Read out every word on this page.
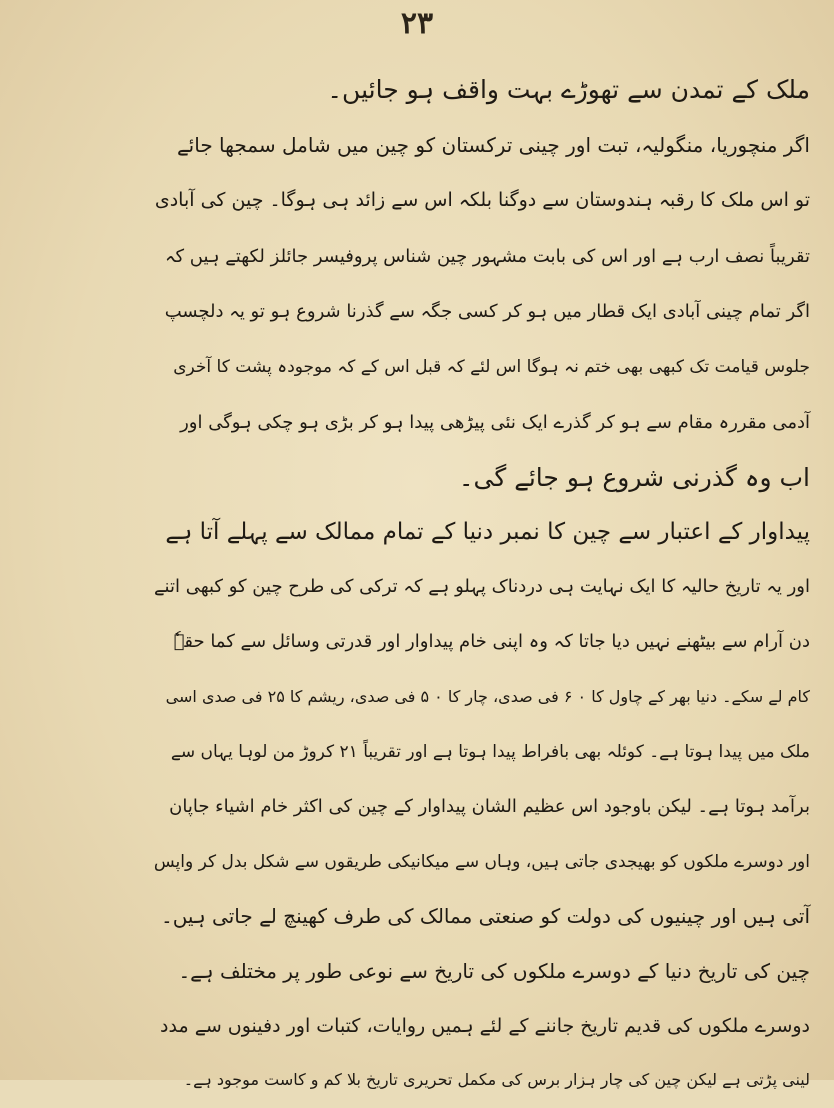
۲۳
ملک کے تمدن سے تھوڑے بہت واقف ہو جائیں۔
اگر منچوریا، منگولیہ، تبت اور چینی ترکستان کو چین میں شامل سمجھا جائے
تو اس ملک کا رقبہ ہندوستان سے دوگنا بلکہ اس سے زائد ہی ہوگا۔ چین کی آبادی
تقریباً نصف ارب ہے اور اس کی بابت مشہور چین شناس پروفیسر جائلز لکھتے ہیں کہ
اگر تمام چینی آبادی ایک قطار میں ہو کر کسی جگہ سے گذرنا شروع ہو تو یہ دلچسپ
جلوس قیامت تک کبھی بھی ختم نہ ہوگا اس لئے کہ قبل اس کے کہ موجودہ پشت کا آخری
آدمی مقررہ مقام سے ہو کر گذرے ایک نئی پیڑھی پیدا ہو کر بڑی ہو چکی ہوگی اور
اب وہ گذرنی شروع ہو جائے گی۔
پیداوار کے اعتبار سے چین کا نمبر دنیا کے تمام ممالک سے پہلے آتا ہے
اور یہ تاریخ حالیہ کا ایک نہایت ہی دردناک پہلو ہے کہ ترکی کی طرح چین کو کبھی اتنے
دن آرام سے بیٹھنے نہیں دیا جاتا کہ وہ اپنی خام پیداوار اور قدرتی وسائل سے کما حقہٗ
کام لے سکے۔ دنیا بھر کے چاول کا ۰ ۶ فی صدی، چار کا ۰ ۵ فی صدی، ریشم کا ۲۵ فی صدی اسی
ملک میں پیدا ہوتا ہے۔ کوئلہ بھی بافراط پیدا ہوتا ہے اور تقریباً ۲۱ کروڑ من لوہا یہاں سے
برآمد ہوتا ہے۔ لیکن باوجود اس عظیم الشان پیداوار کے چین کی اکثر خام اشیاء جاپان
اور دوسرے ملکوں کو بھیجدی جاتی ہیں، وہاں سے میکانیکی طریقوں سے شکل بدل کر واپس
آتی ہیں اور چینیوں کی دولت کو صنعتی ممالک کی طرف کھینچ لے جاتی ہیں۔
چین کی تاریخ دنیا کے دوسرے ملکوں کی تاریخ سے نوعی طور پر مختلف ہے۔
دوسرے ملکوں کی قدیم تاریخ جاننے کے لئے ہمیں روایات، کتبات اور دفینوں سے مدد
لینی پڑتی ہے لیکن چین کی چار ہزار برس کی مکمل تحریری تاریخ بلا کم و کاست موجود ہے۔
